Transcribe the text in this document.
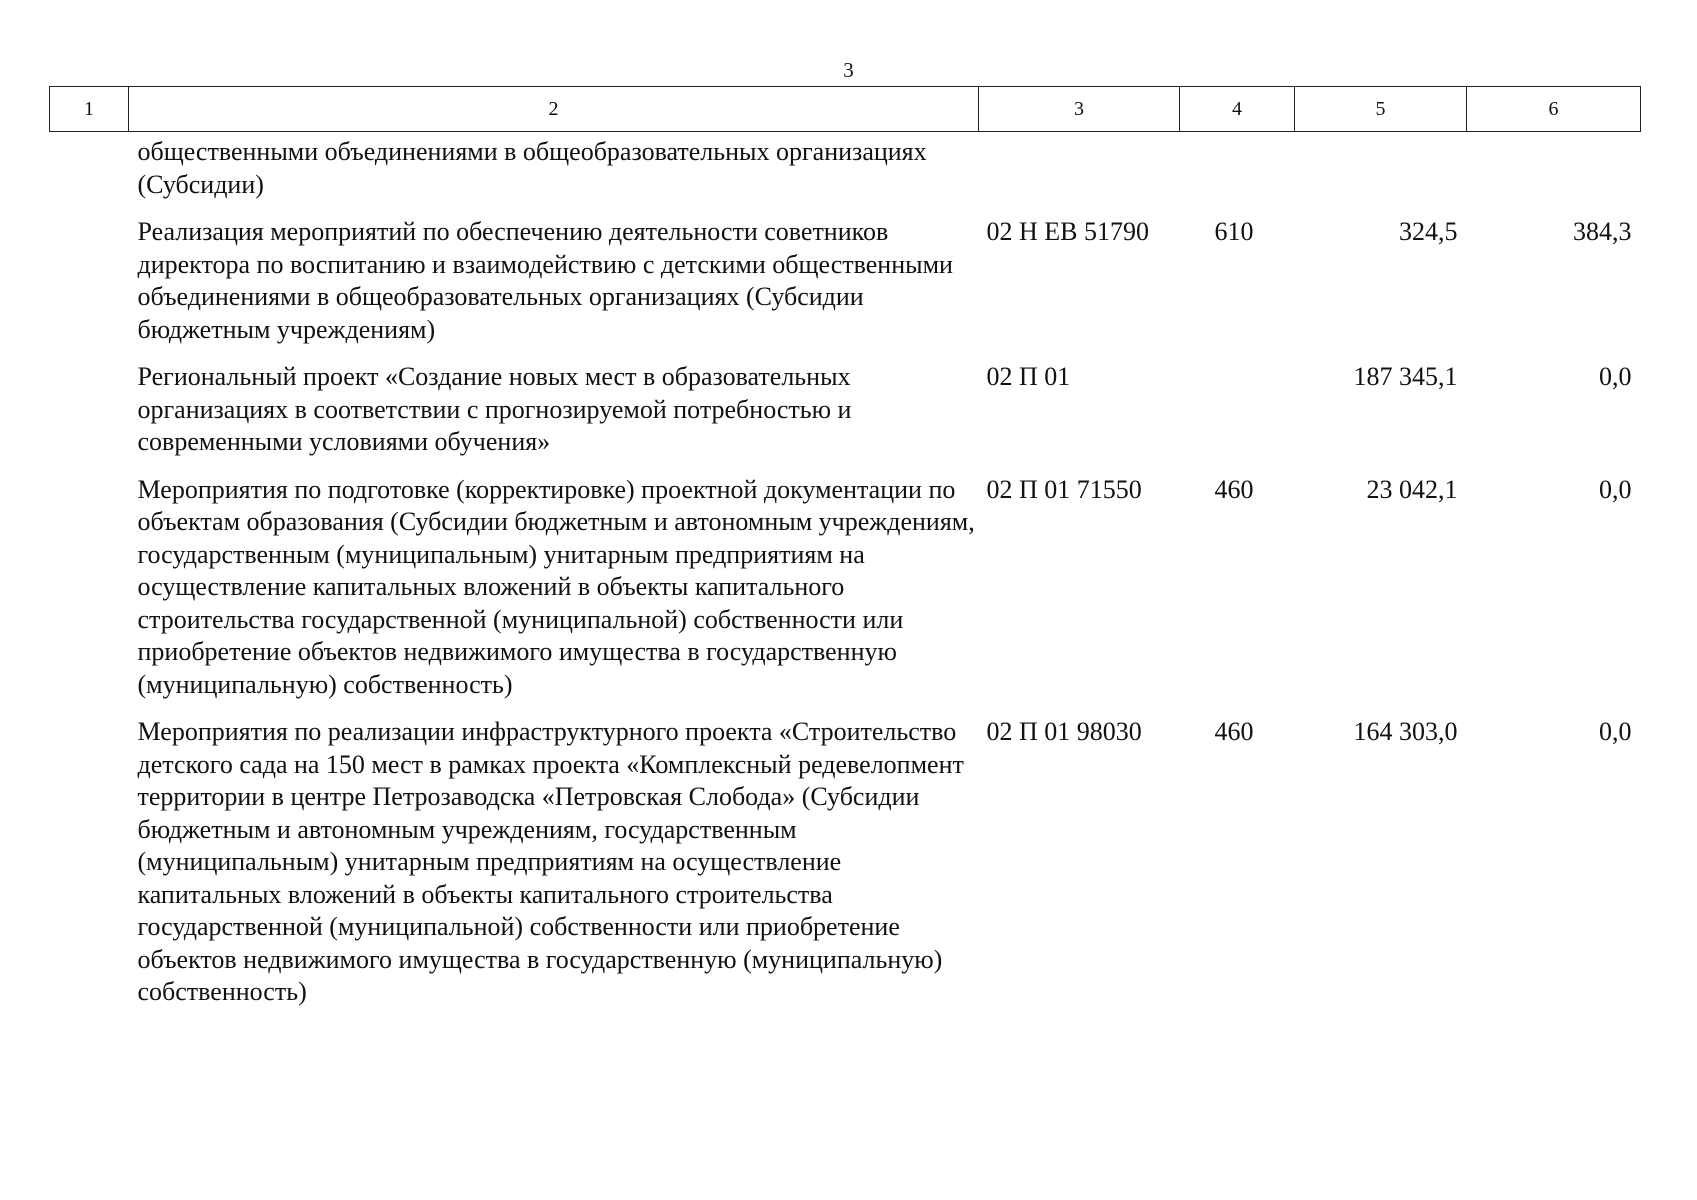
3
1	2	3	4	5	6

общественными объединениями в общеобразовательных организациях (Субсидии)					

Реализация мероприятий по обеспечению деятельности советников директора по воспитанию и взаимодействию с детскими общественными объединениями в общеобразовательных организациях (Субсидии бюджетным учреждениям)		02 Н ЕВ 51790	610	324,5	384,3

Региональный проект «Создание новых мест в образовательных организациях в соответствии с прогнозируемой потребностью и современными условиями обучения»		02 П 01		187 345,1	0,0

Мероприятия по подготовке (корректировке) проектной документации по объектам образования (Субсидии бюджетным и автономным учреждениям, государственным (муниципальным) унитарным предприятиям на осуществление капитальных вложений в объекты капитального строительства государственной (муниципальной) собственности или приобретение объектов недвижимого имущества в государственную (муниципальную) собственность)		02 П 01 71550	460	23 042,1	0,0

Мероприятия по реализации инфраструктурного проекта «Строительство детского сада на 150 мест в рамках проекта «Комплексный редевелопмент территории в центре Петрозаводска «Петровская Слобода» (Субсидии бюджетным и автономным учреждениям, государственным (муниципальным) унитарным предприятиям на осуществление капитальных вложений в объекты капитального строительства государственной (муниципальной) собственности или приобретение объектов недвижимого имущества в государственную (муниципальную) собственность)		02 П 01 98030	460	164 303,0	0,0
